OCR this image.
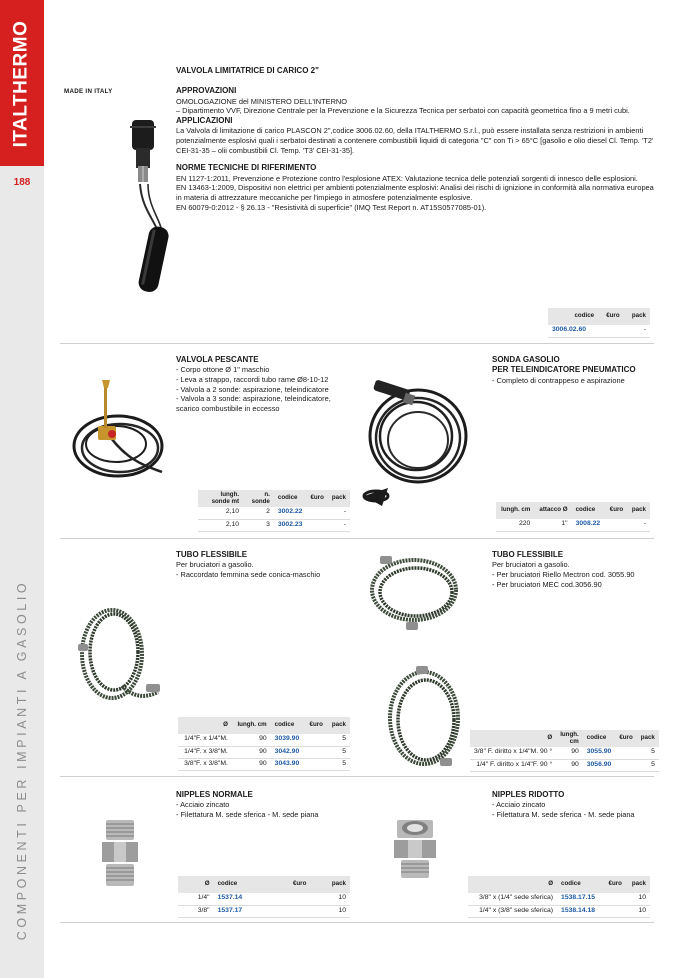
ITALTHERMO
188
COMPONENTI PER IMPIANTI A GASOLIO
MADE IN ITALY
VALVOLA LIMITATRICE DI CARICO 2"
APPROVAZIONI
OMOLOGAZIONE del MINISTERO DELL'INTERNO
– Dipartimento VVF, Direzione Centrale per la Prevenzione e la Sicurezza Tecnica per serbatoi con capacità geometrica fino a 9 metri cubi.
APPLICAZIONI
La Valvola di limitazione di carico PLASCON 2",codice 3006.02.60, della ITALTHERMO S.r.l., può essere installata senza restrizioni in ambienti potenzialmente esplosivi quali i serbatoi destinati a contenere combustibili liquidi di categoria "C" con Ti > 65°C [gasolio e olio diesel Cl. Temp. 'T2' CEI-31-35 – olii combustibili Cl. Temp. 'T3' CEI-31-35].
NORME TECNICHE DI RIFERIMENTO
EN 1127-1:2011, Prevenzione e Protezione contro l'esplosione ATEX: Valutazione tecnica delle potenziali sorgenti di innesco delle esplosioni.
EN 13463-1:2009, Dispositivi non elettrici per ambienti potenzialmente esplosivi: Analisi dei rischi di ignizione in conformità alla normativa europea in materia di attrezzature meccaniche per l'impiego in atmosfere potenzialmente esplosive.
EN 60079-0:2012 - § 26.13 - "Resistività di superficie" (IMQ Test Report n. AT15S0577085-01).
codice	€uro	pack
3006.02.60		-
VALVOLA PESCANTE
- Corpo ottone Ø 1" maschio
- Leva a strappo, raccordi tubo rame Ø8-10-12
- Valvola a 2 sonde: aspirazione, teleindicatore
- Valvola a 3 sonde: aspirazione, teleindicatore,
scarico combustibile in eccesso
lungh. sonde mt	n. sonde	codice	€uro	pack
2,10	2	3002.22		-
2,10	3	3002.23		-
SONDA GASOLIO
PER TELEINDICATORE PNEUMATICO
- Completo di contrappeso e aspirazione
lungh. cm	attacco Ø	codice	€uro	pack
220	1"	3008.22		-
TUBO FLESSIBILE
Per bruciatori a gasolio.
- Raccordato femmina sede conica-maschio
Ø	lungh. cm	codice	€uro	pack
1/4"F. x 1/4"M.	90	3039.90		5
1/4"F. x 3/8"M.	90	3042.90		5
3/8"F. x 3/8"M.	90	3043.90		5
TUBO FLESSIBILE
Per bruciatori a gasolio.
- Per bruciatori Riello Mectron cod. 3055.90
- Per bruciatori MEC cod.3056.90
Ø	lungh. cm	codice	€uro	pack
3/8" F. diritto x 1/4"M. 90 °	90	3055.90		5
1/4" F. diritto x 1/4"F. 90 °	90	3056.90		5
NIPPLES NORMALE
- Acciaio zincato
- Filettatura M. sede sferica - M. sede piana
Ø	codice	€uro	pack
1/4"	1537.14		10
3/8"	1537.17		10
NIPPLES RIDOTTO
- Acciaio zincato
- Filettatura M. sede sferica - M. sede piana
Ø	codice	€uro	pack
3/8" x (1/4" sede sferica)	1538.17.15		10
1/4" x (3/8" sede sferica)	1538.14.18		10
